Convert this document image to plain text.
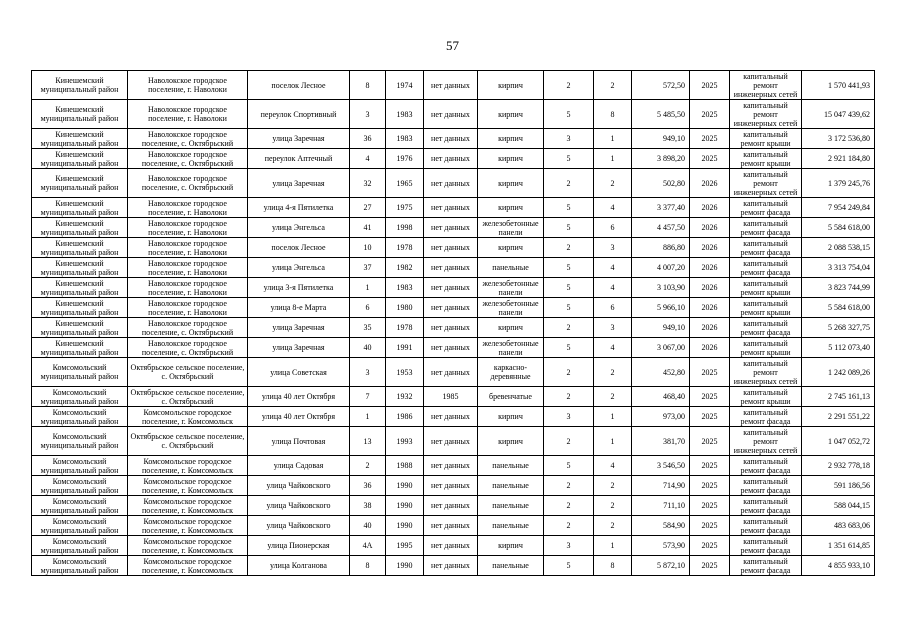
57
Кинешемский муниципальный район	Наволокское городское поселение, г. Наволоки	поселок Лесное	8	1974	нет данных	кирпич	2	2	572,50	2025	капитальный ремонт инженерных сетей	1 570 441,93
Кинешемский муниципальный район	Наволокское городское поселение, г. Наволоки	переулок Спортивный	3	1983	нет данных	кирпич	5	8	5 485,50	2025	капитальный ремонт инженерных сетей	15 047 439,62
Кинешемский муниципальный район	Наволокское городское поселение, с. Октябрьский	улица Заречная	36	1983	нет данных	кирпич	3	1	949,10	2025	капитальный ремонт крыши	3 172 536,80
Кинешемский муниципальный район	Наволокское городское поселение, с. Октябрьский	переулок Аптечный	4	1976	нет данных	кирпич	5	1	3 898,20	2025	капитальный ремонт крыши	2 921 184,80
Кинешемский муниципальный район	Наволокское городское поселение, с. Октябрьский	улица Заречная	32	1965	нет данных	кирпич	2	2	502,80	2026	капитальный ремонт инженерных сетей	1 379 245,76
Кинешемский муниципальный район	Наволокское городское поселение, г. Наволоки	улица 4-я Пятилетка	27	1975	нет данных	кирпич	5	4	3 377,40	2026	капитальный ремонт фасада	7 954 249,84
Кинешемский муниципальный район	Наволокское городское поселение, г. Наволоки	улица Энгельса	41	1998	нет данных	железобетонные панели	5	6	4 457,50	2026	капитальный ремонт фасада	5 584 618,00
Кинешемский муниципальный район	Наволокское городское поселение, г. Наволоки	поселок Лесное	10	1978	нет данных	кирпич	2	3	886,80	2026	капитальный ремонт фасада	2 088 538,15
Кинешемский муниципальный район	Наволокское городское поселение, г. Наволоки	улица Энгельса	37	1982	нет данных	панельные	5	4	4 007,20	2026	капитальный ремонт фасада	3 313 754,04
Кинешемский муниципальный район	Наволокское городское поселение, г. Наволоки	улица 3-я Пятилетка	1	1983	нет данных	железобетонные панели	5	4	3 103,90	2026	капитальный ремонт крыши	3 823 744,99
Кинешемский муниципальный район	Наволокское городское поселение, г. Наволоки	улица 8-е Марта	6	1980	нет данных	железобетонные панели	5	6	5 966,10	2026	капитальный ремонт крыши	5 584 618,00
Кинешемский муниципальный район	Наволокское городское поселение, с. Октябрьский	улица Заречная	35	1978	нет данных	кирпич	2	3	949,10	2026	капитальный ремонт фасада	5 268 327,75
Кинешемский муниципальный район	Наволокское городское поселение, с. Октябрьский	улица Заречная	40	1991	нет данных	железобетонные панели	5	4	3 067,00	2026	капитальный ремонт крыши	5 112 073,40
Комсомольский муниципальный район	Октябрьское сельское поселение, с. Октябрьский	улица Советская	3	1953	нет данных	каркасно-деревянные	2	2	452,80	2025	капитальный ремонт инженерных сетей	1 242 089,26
Комсомольский муниципальный район	Октябрьское сельское поселение, с. Октябрьский	улица 40 лет Октября	7	1932	1985	бревенчатые	2	2	468,40	2025	капитальный ремонт крыши	2 745 161,13
Комсомольский муниципальный район	Комсомольское городское поселение, г. Комсомольск	улица 40 лет Октября	1	1986	нет данных	кирпич	3	1	973,00	2025	капитальный ремонт фасада	2 291 551,22
Комсомольский муниципальный район	Октябрьское сельское поселение, с. Октябрьский	улица Почтовая	13	1993	нет данных	кирпич	2	1	381,70	2025	капитальный ремонт инженерных сетей	1 047 052,72
Комсомольский муниципальный район	Комсомольское городское поселение, г. Комсомольск	улица Садовая	2	1988	нет данных	панельные	5	4	3 546,50	2025	капитальный ремонт фасада	2 932 778,18
Комсомольский муниципальный район	Комсомольское городское поселение, г. Комсомольск	улица Чайковского	36	1990	нет данных	панельные	2	2	714,90	2025	капитальный ремонт фасада	591 186,56
Комсомольский муниципальный район	Комсомольское городское поселение, г. Комсомольск	улица Чайковского	38	1990	нет данных	панельные	2	2	711,10	2025	капитальный ремонт фасада	588 044,15
Комсомольский муниципальный район	Комсомольское городское поселение, г. Комсомольск	улица Чайковского	40	1990	нет данных	панельные	2	2	584,90	2025	капитальный ремонт фасада	483 683,06
Комсомольский муниципальный район	Комсомольское городское поселение, г. Комсомольск	улица Пионерская	4А	1995	нет данных	кирпич	3	1	573,90	2025	капитальный ремонт фасада	1 351 614,85
Комсомольский муниципальный район	Комсомольское городское поселение, г. Комсомольск	улица Колганова	8	1990	нет данных	панельные	5	8	5 872,10	2025	капитальный ремонт фасада	4 855 933,10
